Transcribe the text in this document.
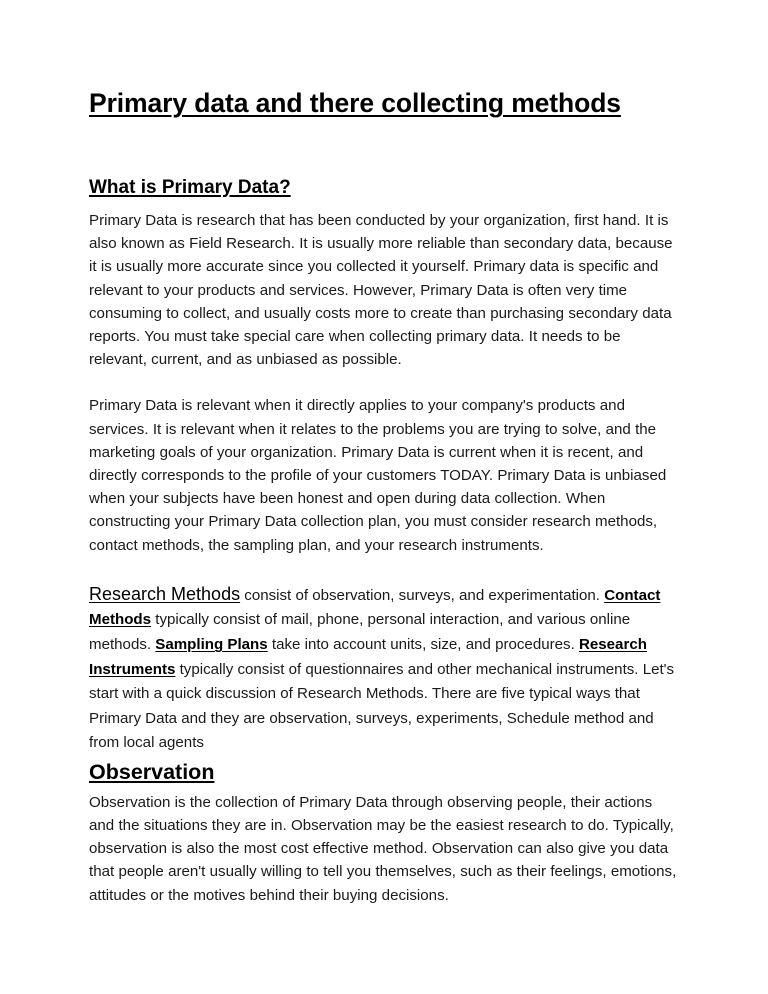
Primary data and there collecting methods
What is Primary Data?

Primary Data is research that has been conducted by your organization, first hand. It is also known as Field Research. It is usually more reliable than secondary data, because it is usually more accurate since you collected it yourself. Primary data is specific and relevant to your products and services. However, Primary Data is often very time consuming to collect, and usually costs more to create than purchasing secondary data reports. You must take special care when collecting primary data. It needs to be relevant, current, and as unbiased as possible.

Primary Data is relevant when it directly applies to your company's products and services. It is relevant when it relates to the problems you are trying to solve, and the marketing goals of your organization. Primary Data is current when it is recent, and directly corresponds to the profile of your customers TODAY. Primary Data is unbiased when your subjects have been honest and open during data collection. When constructing your Primary Data collection plan, you must consider research methods, contact methods, the sampling plan, and your research instruments.

Research Methods consist of observation, surveys, and experimentation. Contact Methods typically consist of mail, phone, personal interaction, and various online methods. Sampling Plans take into account units, size, and procedures. Research Instruments typically consist of questionnaires and other mechanical instruments. Let's start with a quick discussion of Research Methods. There are five typical ways that Primary Data and they are observation, surveys, experiments, Schedule method and from local agents

Observation

Observation is the collection of Primary Data through observing people, their actions and the situations they are in. Observation may be the easiest research to do. Typically, observation is also the most cost effective method. Observation can also give you data that people aren't usually willing to tell you themselves, such as their feelings, emotions, attitudes or the motives behind their buying decisions.
